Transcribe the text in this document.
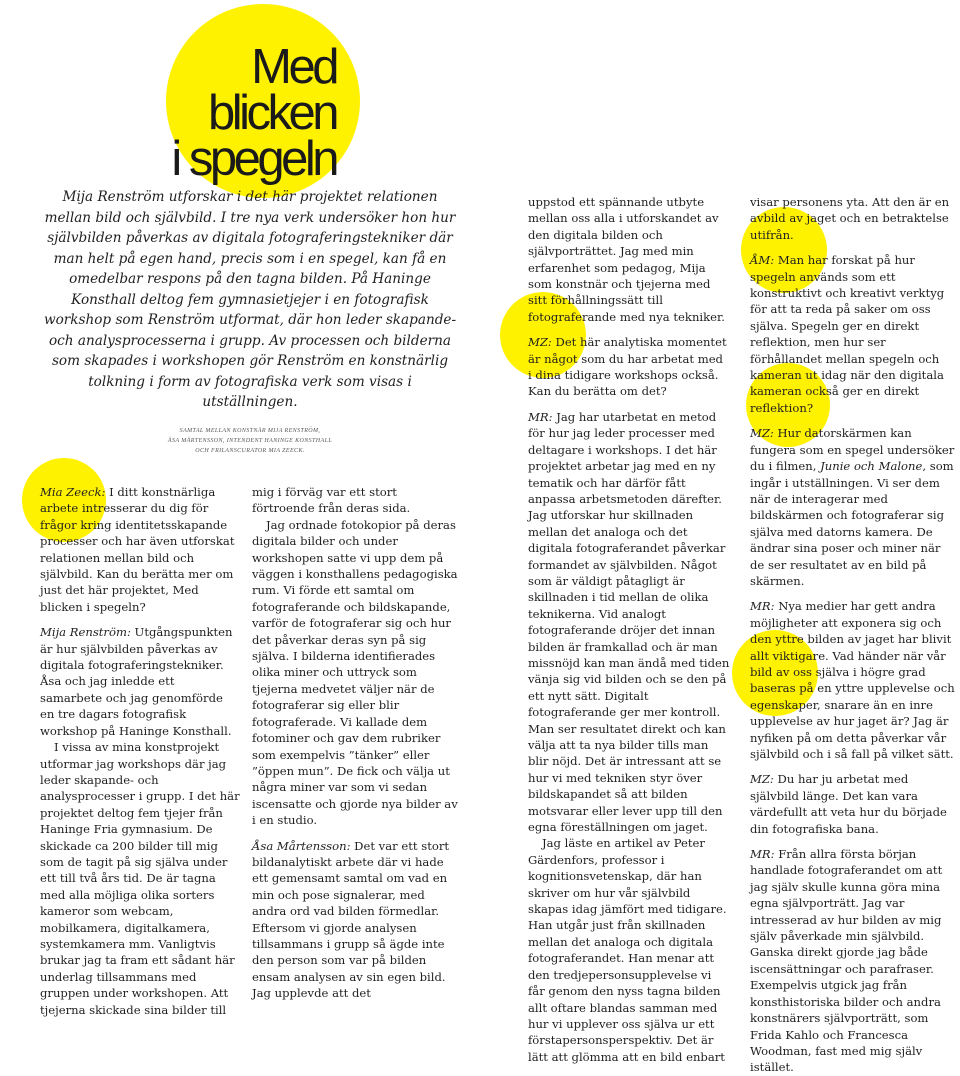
Med
blicken
i spegeln

Mija Renström utforskar i det här projektet relationen mellan bild och självbild. I tre nya verk undersöker hon hur självbilden påverkas av digitala fotograferingstekniker där man helt på egen hand, precis som i en spegel, kan få en omedelbar respons på den tagna bilden. På Haninge Konsthall deltog fem gymnasietjejer i en fotografisk workshop som Renström utformat, där hon leder skapande- och analysprocesserna i grupp. Av processen och bilderna som skapades i workshopen gör Renström en konstnärlig tolkning i form av fotografiska verk som visas i utställningen.

SAMTAL MELLAN KONSTNÄR MIJA RENSTRÖM,
ÅSA MÅRTENSSON, INTENDENT HANINGE KONSTHALL
OCH FRILANSCURATOR MIA ZEECK.

Mia Zeeck: I ditt konstnärliga arbete intresserar du dig för frågor kring identitetsskapande processer och har även utforskat relationen mellan bild och självbild. Kan du berätta mer om just det här projektet, Med blicken i spegeln?

Mija Renström: Utgångspunkten är hur självbilden påverkas av digitala fotograferingstekniker. Åsa och jag inledde ett samarbete och jag genomförde en tre dagars fotografisk workshop på Haninge Konsthall.

I vissa av mina konstprojekt utformar jag workshops där jag leder skapande- och analysprocesser i grupp. I det här projektet deltog fem tjejer från Haninge Fria gymnasium. De skickade ca 200 bilder till mig som de tagit på sig själva under ett till två års tid. De är tagna med alla möjliga olika sorters kameror som webcam, mobilkamera, digitalkamera, systemkamera mm. Vanligtvis brukar jag ta fram ett sådant här underlag tillsammans med gruppen under workshopen. Att tjejerna skickade sina bilder till

mig i förväg var ett stort förtroende från deras sida.

Jag ordnade fotokopior på deras digitala bilder och under workshopen satte vi upp dem på väggen i konsthallens pedagogiska rum. Vi förde ett samtal om fotograferande och bildskapande, varför de fotograferar sig och hur det påverkar deras syn på sig själva. I bilderna identifierades olika miner och uttryck som tjejerna medvetet väljer när de fotograferar sig eller blir fotograferade. Vi kallade dem fotominer och gav dem rubriker som exempelvis ”tänker” eller ”öppen mun”. De fick och välja ut några miner var som vi sedan iscensatte och gjorde nya bilder av i en studio.

Åsa Mårtensson: Det var ett stort bildanalytiskt arbete där vi hade ett gemensamt samtal om vad en min och pose signalerar, med andra ord vad bilden förmedlar. Eftersom vi gjorde analysen tillsammans i grupp så ägde inte den person som var på bilden ensam analysen av sin egen bild. Jag upplevde att det

uppstod ett spännande utbyte mellan oss alla i utforskandet av den digitala bilden och självporträttet. Jag med min erfarenhet som pedagog, Mija som konstnär och tjejerna med sitt förhållningssätt till fotograferande med nya tekniker.

MZ: Det här analytiska momentet är något som du har arbetat med i dina tidigare workshops också. Kan du berätta om det?

MR: Jag har utarbetat en metod för hur jag leder processer med deltagare i workshops. I det här projektet arbetar jag med en ny tematik och har därför fått anpassa arbetsmetoden därefter. Jag utforskar hur skillnaden mellan det analoga och det digitala fotograferandet påverkar formandet av självbilden. Något som är väldigt påtagligt är skillnaden i tid mellan de olika teknikerna. Vid analogt fotograferande dröjer det innan bilden är framkallad och är man missnöjd kan man ändå med tiden vänja sig vid bilden och se den på ett nytt sätt. Digitalt fotograferande ger mer kontroll. Man ser resultatet direkt och kan välja att ta nya bilder tills man blir nöjd. Det är intressant att se hur vi med tekniken styr över bildskapandet så att bilden motsvarar eller lever upp till den egna föreställningen om jaget.

Jag läste en artikel av Peter Gärdenfors, professor i kognitionsvetenskap, där han skriver om hur vår självbild skapas idag jämfört med tidigare. Han utgår just från skillnaden mellan det analoga och digitala fotograferandet. Han menar att den tredjepersonsupplevelse vi får genom den nyss tagna bilden allt oftare blandas samman med hur vi upplever oss själva ur ett förstapersonsperspektiv. Det är lätt att glömma att en bild enbart

visar personens yta. Att den är en avbild av jaget och en betraktelse utifrån.

ÅM: Man har forskat på hur spegeln används som ett konstruktivt och kreativt verktyg för att ta reda på saker om oss själva. Spegeln ger en direkt reflektion, men hur ser förhållandet mellan spegeln och kameran ut idag när den digitala kameran också ger en direkt reflektion?

MZ: Hur datorskärmen kan fungera som en spegel undersöker du i filmen, Junie och Malone, som ingår i utställningen. Vi ser dem när de interagerar med bildskärmen och fotograferar sig själva med datorns kamera. De ändrar sina poser och miner när de ser resultatet av en bild på skärmen.

MR: Nya medier har gett andra möjligheter att exponera sig och den yttre bilden av jaget har blivit allt viktigare. Vad händer när vår bild av oss själva i högre grad baseras på en yttre upplevelse och egenskaper, snarare än en inre upplevelse av hur jaget är? Jag är nyfiken på om detta påverkar vår självbild och i så fall på vilket sätt.

MZ: Du har ju arbetat med självbild länge. Det kan vara värdefullt att veta hur du började din fotografiska bana.

MR: Från allra första början handlade fotograferandet om att jag själv skulle kunna göra mina egna självporträtt. Jag var intresserad av hur bilden av mig själv påverkade min självbild. Ganska direkt gjorde jag både iscensättningar och parafraser. Exempelvis utgick jag från konsthistoriska bilder och andra konstnärers självporträtt, som Frida Kahlo och Francesca Woodman, fast med mig själv istället.
